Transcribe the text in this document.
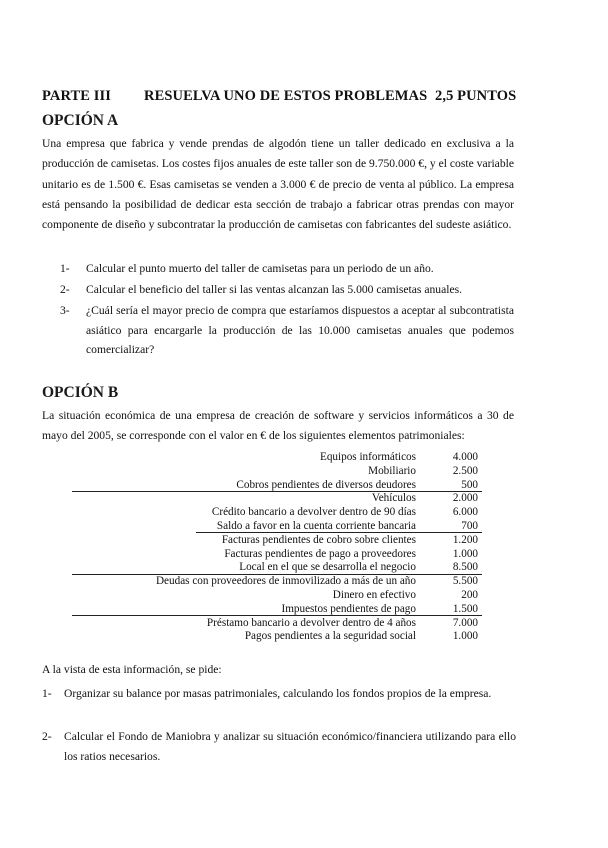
PARTE III RESUELVA UNO DE ESTOS PROBLEMAS 2,5 PUNTOS
OPCIÓN A
Una empresa que fabrica y vende prendas de algodón tiene un taller dedicado en exclusiva a la producción de camisetas. Los costes fijos anuales de este taller son de 9.750.000 €, y el coste variable unitario es de 1.500 €. Esas camisetas se venden a 3.000 € de precio de venta al público. La empresa está pensando la posibilidad de dedicar esta sección de trabajo a fabricar otras prendas con mayor componente de diseño y subcontratar la producción de camisetas con fabricantes del sudeste asiático.
1- Calcular el punto muerto del taller de camisetas para un periodo de un año.
2- Calcular el beneficio del taller si las ventas alcanzan las 5.000 camisetas anuales.
3- ¿Cuál sería el mayor precio de compra que estaríamos dispuestos a aceptar al subcontratista asiático para encargarle la producción de las 10.000 camisetas anuales que podemos comercializar?
OPCIÓN B
La situación económica de una empresa de creación de software y servicios informáticos a 30 de mayo del 2005, se corresponde con el valor en € de los siguientes elementos patrimoniales:
Equipos informáticos	4.000
Mobiliario	2.500
Cobros pendientes de diversos deudores	500
Vehículos	2.000
Crédito bancario a devolver dentro de 90 días	6.000
Saldo a favor en la cuenta corriente bancaria	700
Facturas pendientes de cobro sobre clientes	1.200
Facturas pendientes de pago a proveedores	1.000
Local en el que se desarrolla el negocio	8.500
Deudas con proveedores de inmovilizado a más de un año	5.500
Dinero en efectivo	200
Impuestos pendientes de pago	1.500
Préstamo bancario a devolver dentro de 4 años	7.000
Pagos pendientes a la seguridad social	1.000
A la vista de esta información, se pide:
1- Organizar su balance por masas patrimoniales, calculando los fondos propios de la empresa.
2- Calcular el Fondo de Maniobra y analizar su situación económico/financiera utilizando para ello los ratios necesarios.
